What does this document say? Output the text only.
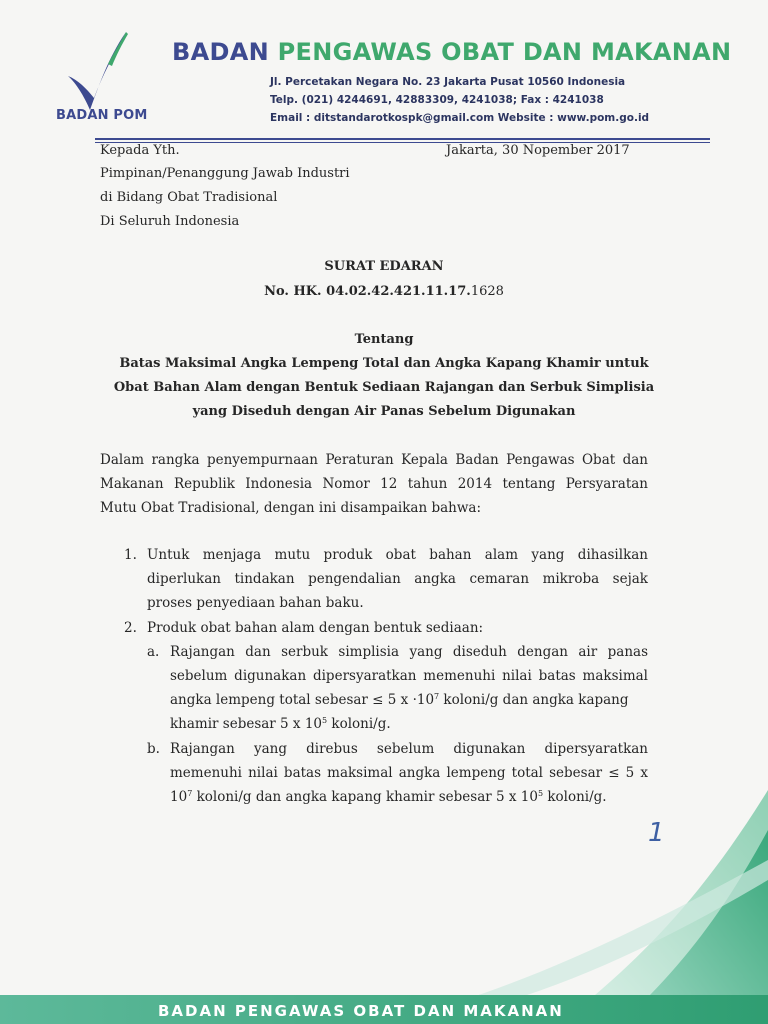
BADAN POM
BADAN PENGAWAS OBAT DAN MAKANAN
Jl. Percetakan Negara No. 23 Jakarta Pusat 10560 Indonesia
Telp. (021) 4244691, 42883309, 4241038; Fax : 4241038
Email : ditstandarotkospk@gmail.com Website : www.pom.go.id
Kepada Yth.	Jakarta, 30 Nopember 2017
Pimpinan/Penanggung Jawab Industri
di Bidang Obat Tradisional
Di Seluruh Indonesia
SURAT EDARAN
No. HK. 04.02.42.421.11.17.1628
Tentang
Batas Maksimal Angka Lempeng Total dan Angka Kapang Khamir untuk
Obat Bahan Alam dengan Bentuk Sediaan Rajangan dan Serbuk Simplisia
yang Diseduh dengan Air Panas Sebelum Digunakan
Dalam rangka penyempurnaan Peraturan Kepala Badan Pengawas Obat dan
Makanan Republik Indonesia Nomor 12 tahun 2014 tentang Persyaratan
Mutu Obat Tradisional, dengan ini disampaikan bahwa:
1. Untuk menjaga mutu produk obat bahan alam yang dihasilkan
diperlukan tindakan pengendalian angka cemaran mikroba sejak
proses penyediaan bahan baku.
2. Produk obat bahan alam dengan bentuk sediaan:
a. Rajangan dan serbuk simplisia yang diseduh dengan air panas
sebelum digunakan dipersyaratkan memenuhi nilai batas maksimal
angka lempeng total sebesar ≤ 5 $x \cdot 10^7$ koloni/g dan angka kapang
khamir sebesar 5 x $10^5$ koloni/g.
b. Rajangan yang direbus sebelum digunakan dipersyaratkan
memenuhi nilai batas maksimal angka lempeng total sebesar ≤ 5 x
$10^7$ koloni/g dan angka kapang khamir sebesar 5 x $10^5$ koloni/g.
1
BADAN PENGAWAS OBAT DAN MAKANAN
